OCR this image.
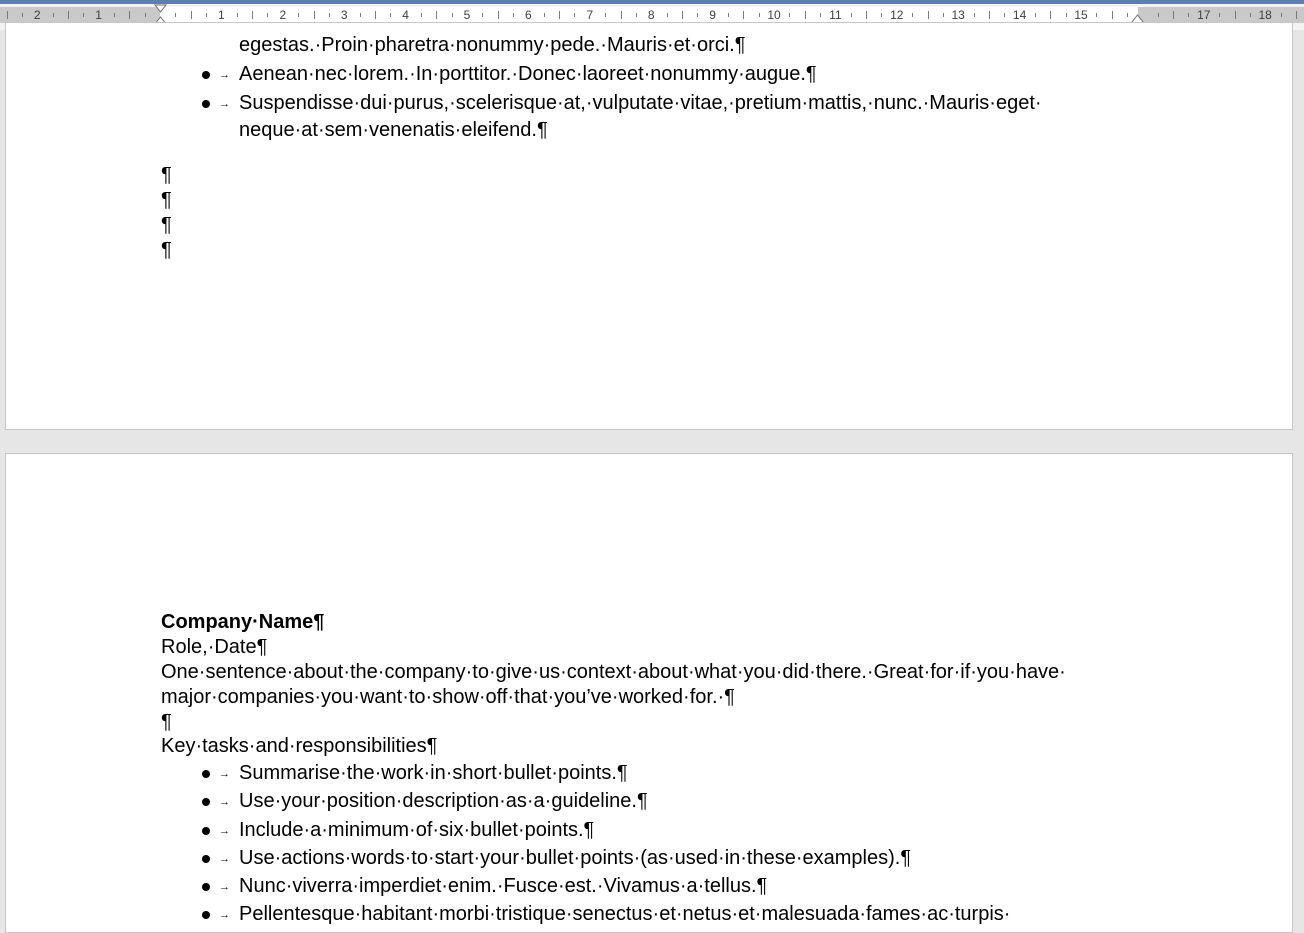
2	1	1	2	3	4	5	6	7	8	9	10	11	12	13	14	15	17	18
egestas.·Proin·pharetra·nonummy·pede.·Mauris·et·orci.¶
→ Aenean·nec·lorem.·In·porttitor.·Donec·laoreet·nonummy·augue.¶
→ Suspendisse·dui·purus,·scelerisque·at,·vulputate·vitae,·pretium·mattis,·nunc.·Mauris·eget·
neque·at·sem·venenatis·eleifend.¶
¶
¶
¶
¶
Company·Name¶
Role,·Date¶
One·sentence·about·the·company·to·give·us·context·about·what·you·did·there.·Great·for·if·you·have·
major·companies·you·want·to·show·off·that·you’ve·worked·for.·¶
¶
Key·tasks·and·responsibilities¶
→ Summarise·the·work·in·short·bullet·points.¶
→ Use·your·position·description·as·a·guideline.¶
→ Include·a·minimum·of·six·bullet·points.¶
→ Use·actions·words·to·start·your·bullet·points·(as·used·in·these·examples).¶
→ Nunc·viverra·imperdiet·enim.·Fusce·est.·Vivamus·a·tellus.¶
→ Pellentesque·habitant·morbi·tristique·senectus·et·netus·et·malesuada·fames·ac·turpis·
